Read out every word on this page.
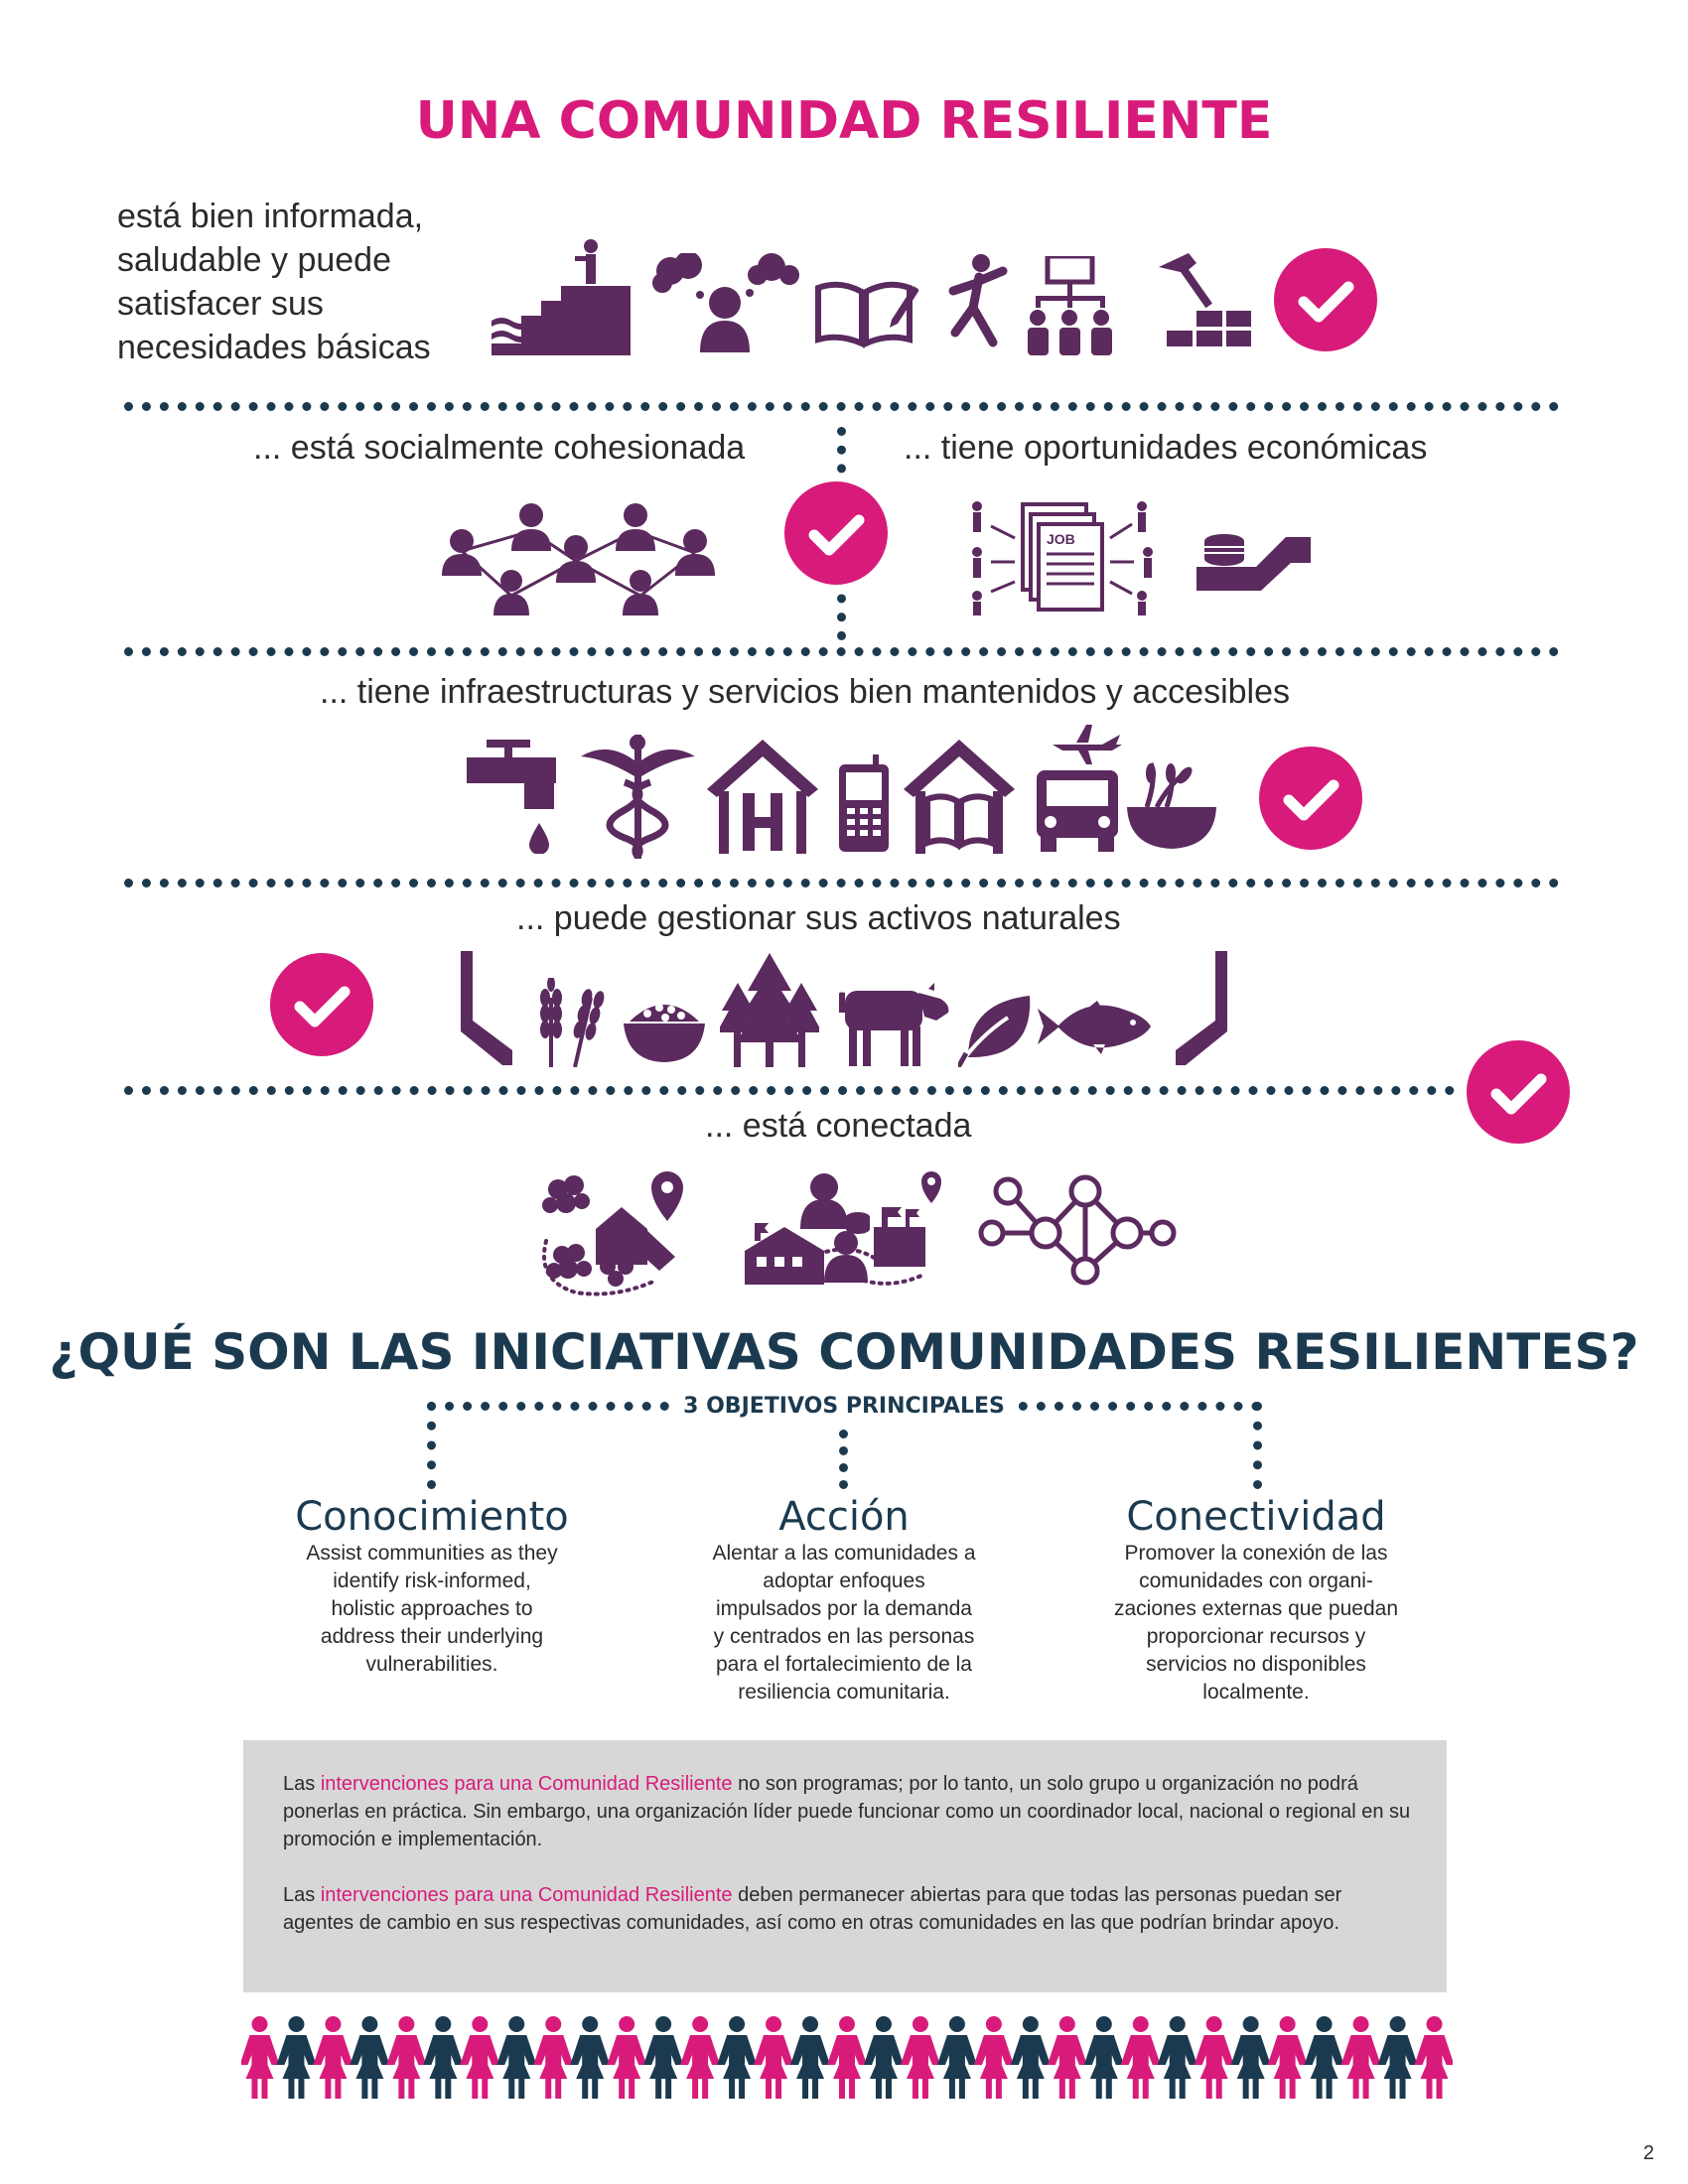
UNA COMUNIDAD RESILIENTE
está bien informada,
saludable y puede
satisfacer sus
necesidades básicas
... está socialmente cohesionada	... tiene oportunidades económicas
JOB
... tiene infraestructuras y servicios bien mantenidos y accesibles
... puede gestionar sus activos naturales
... está conectada
¿QUÉ SON LAS INICIATIVAS COMUNIDADES RESILIENTES?
3 OBJETIVOS PRINCIPALES
Conocimiento
Assist communities as they
identify risk-informed,
holistic approaches to
address their underlying
vulnerabilities.
Acción
Alentar a las comunidades a
adoptar enfoques
impulsados por la demanda
y centrados en las personas
para el fortalecimiento de la
resiliencia comunitaria.
Conectividad
Promover la conexión de las
comunidades con organi-
zaciones externas que puedan
proporcionar recursos y
servicios no disponibles
localmente.
Las intervenciones para una Comunidad Resiliente no son programas; por lo tanto, un solo grupo u organización no podrá ponerlas en práctica. Sin embargo, una organización líder puede funcionar como un coordinador local, nacional o regional en su promoción e implementación.
Las intervenciones para una Comunidad Resiliente deben permanecer abiertas para que todas las personas puedan ser agentes de cambio en sus respectivas comunidades, así como en otras comunidades en las que podrían brindar apoyo.
2
